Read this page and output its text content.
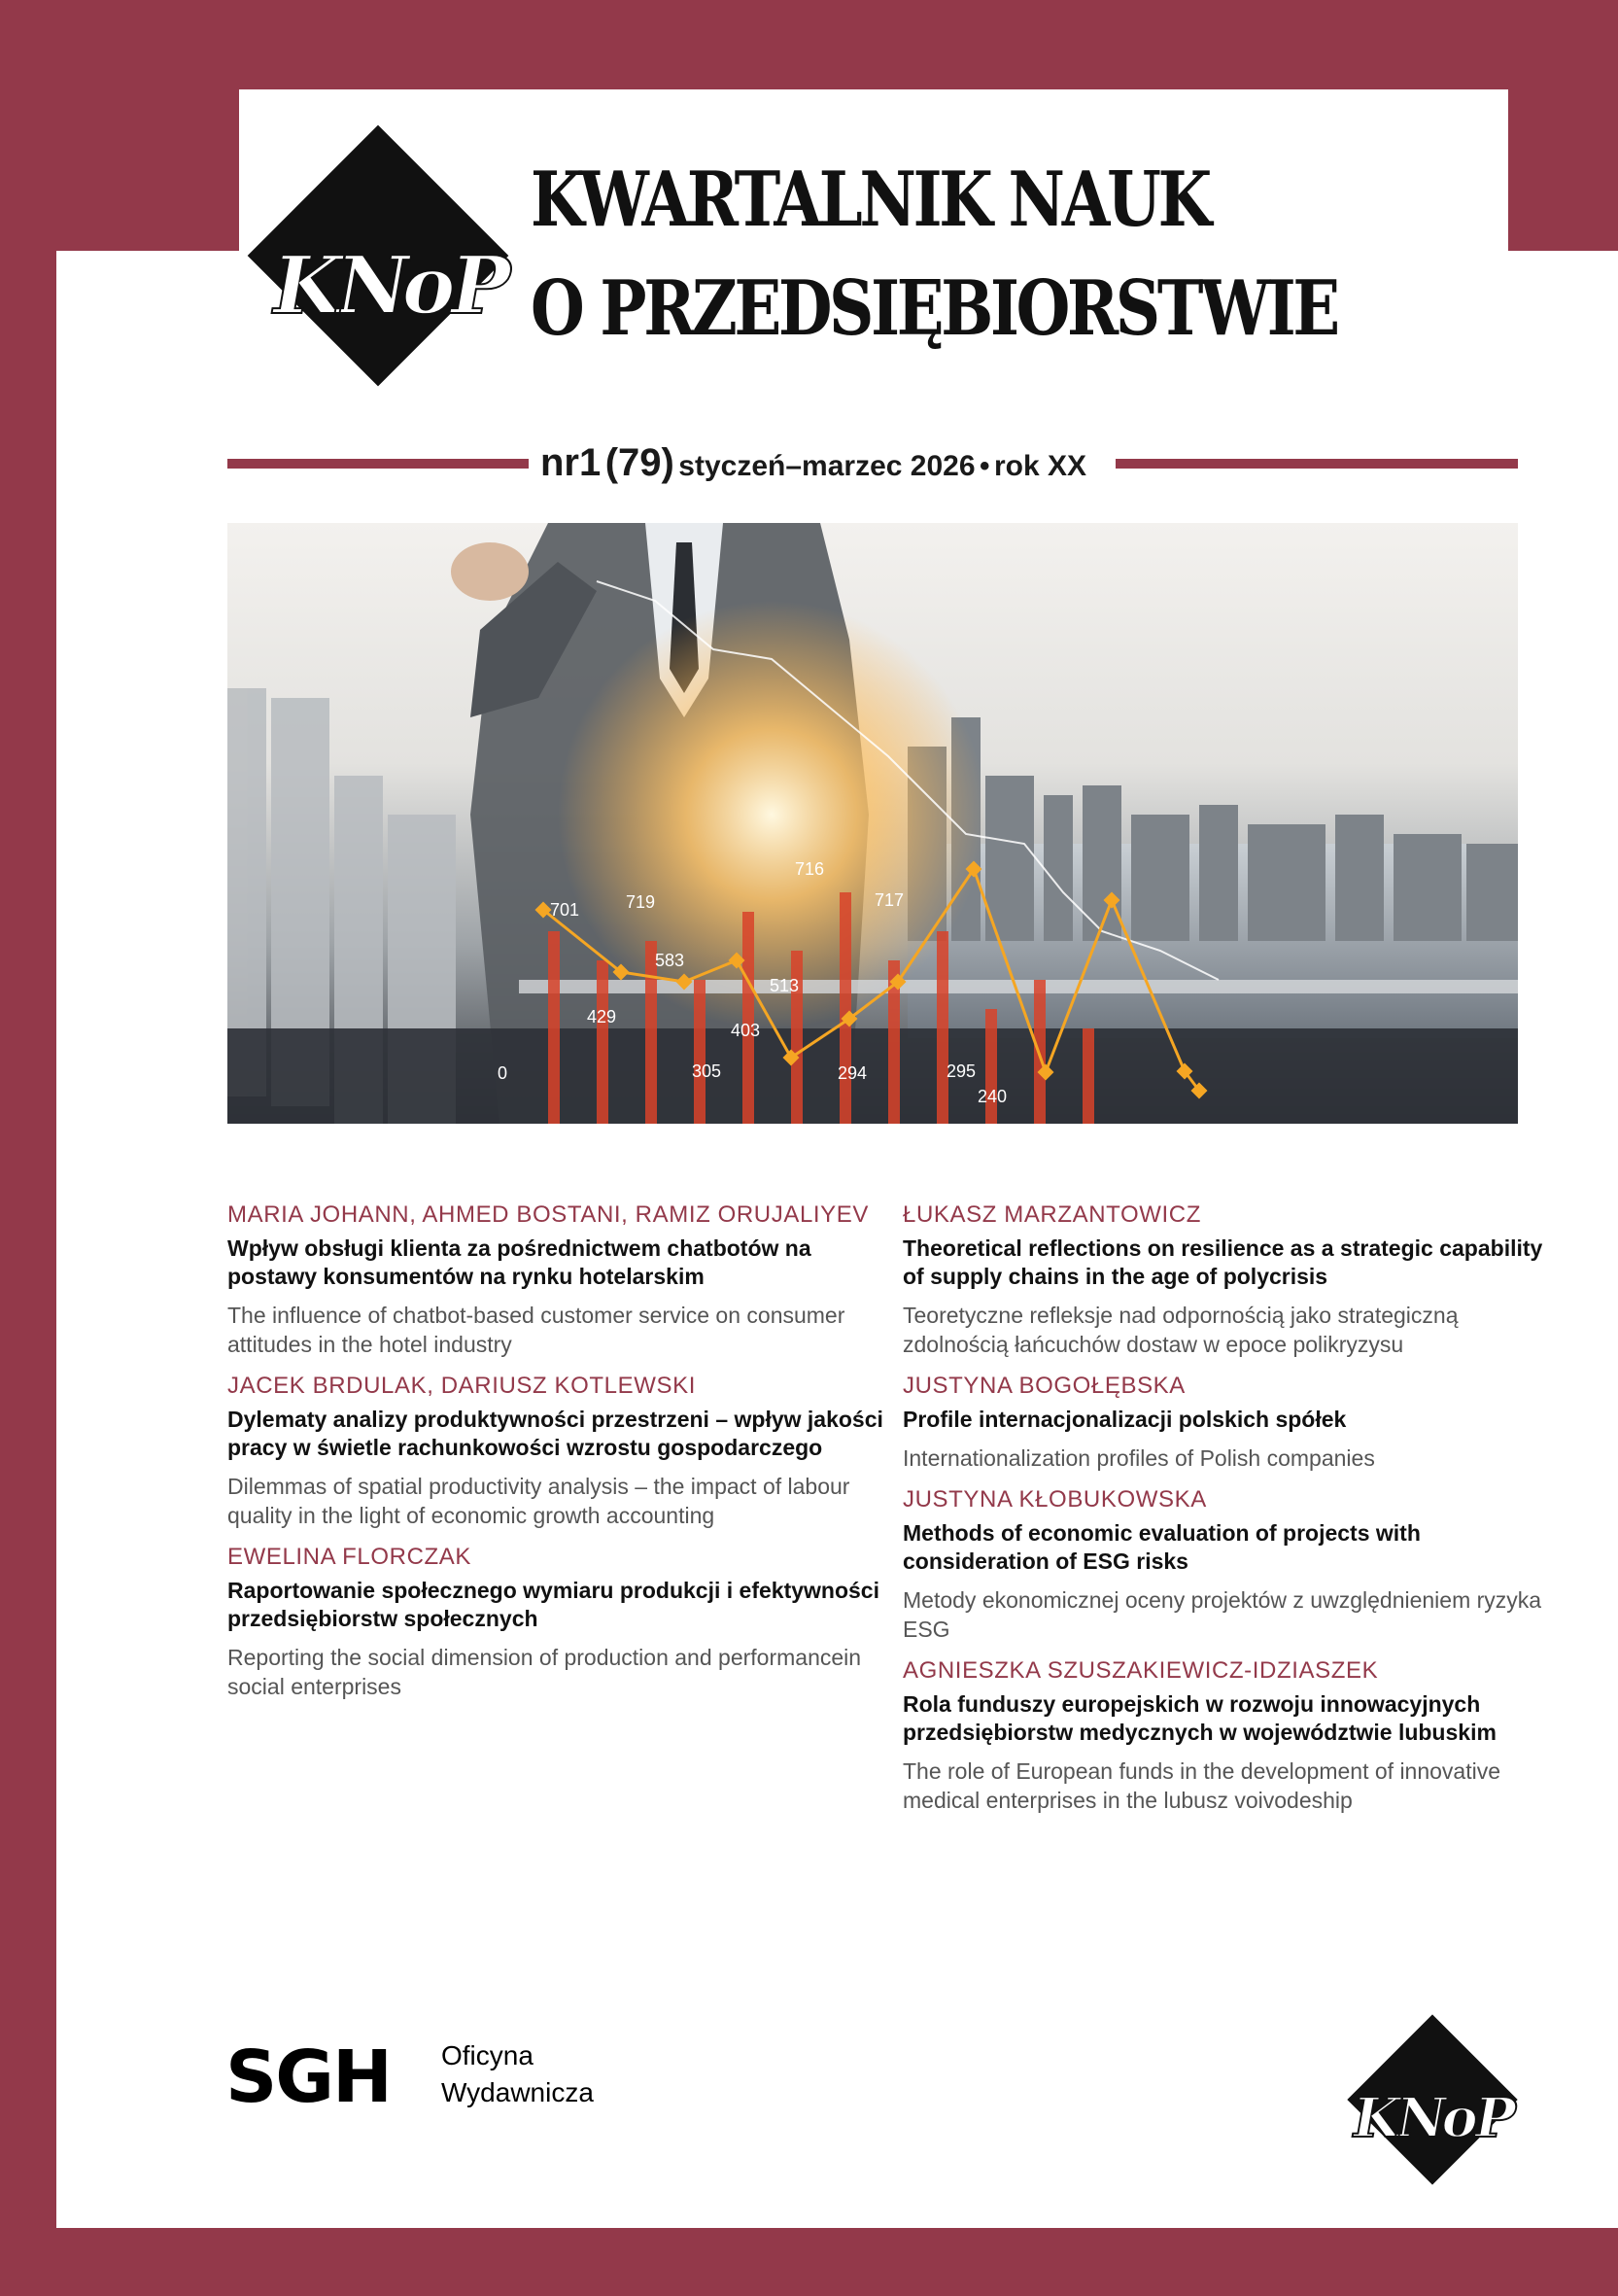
KNoP
KWARTALNIK NAUK
O PRZEDSIĘBIORSTWIE
nr1 (79) styczeń–marzec 2026 • rok XX
701	719
583
429
305
403
513
716
294
717
295
240
0
MARIA JOHANN, AHMED BOSTANI, RAMIZ ORUJALIYEV
Wpływ obsługi klienta za pośrednictwem chatbotów na postawy konsumentów na rynku hotelarskim
The influence of chatbot-based customer service on consumer attitudes in the hotel industry
JACEK BRDULAK, DARIUSZ KOTLEWSKI
Dylematy analizy produktywności przestrzeni – wpływ jakości pracy w świetle rachunkowości wzrostu gospodarczego
Dilemmas of spatial productivity analysis – the impact of labour quality in the light of economic growth accounting
EWELINA FLORCZAK
Raportowanie społecznego wymiaru produkcji i efektywności przedsiębiorstw społecznych
Reporting the social dimension of production and performancein social enterprises
ŁUKASZ MARZANTOWICZ
Theoretical reflections on resilience as a strategic capability of supply chains in the age of polycrisis
Teoretyczne refleksje nad odpornością jako strategiczną zdolnością łańcuchów dostaw w epoce polikryzysu
JUSTYNA BOGOŁĘBSKA
Profile internacjonalizacji polskich spółek
Internationalization profiles of Polish companies
JUSTYNA KŁOBUKOWSKA
Methods of economic evaluation of projects with consideration of ESG risks
Metody ekonomicznej oceny projektów z uwzględnieniem ryzyka ESG
AGNIESZKA SZUSZAKIEWICZ-IDZIASZEK
Rola funduszy europejskich w rozwoju innowacyjnych przedsiębiorstw medycznych w województwie lubuskim
The role of European funds in the development of innovative medical enterprises in the lubusz voivodeship
SGH Oficyna
Wydawnicza	KNoP
